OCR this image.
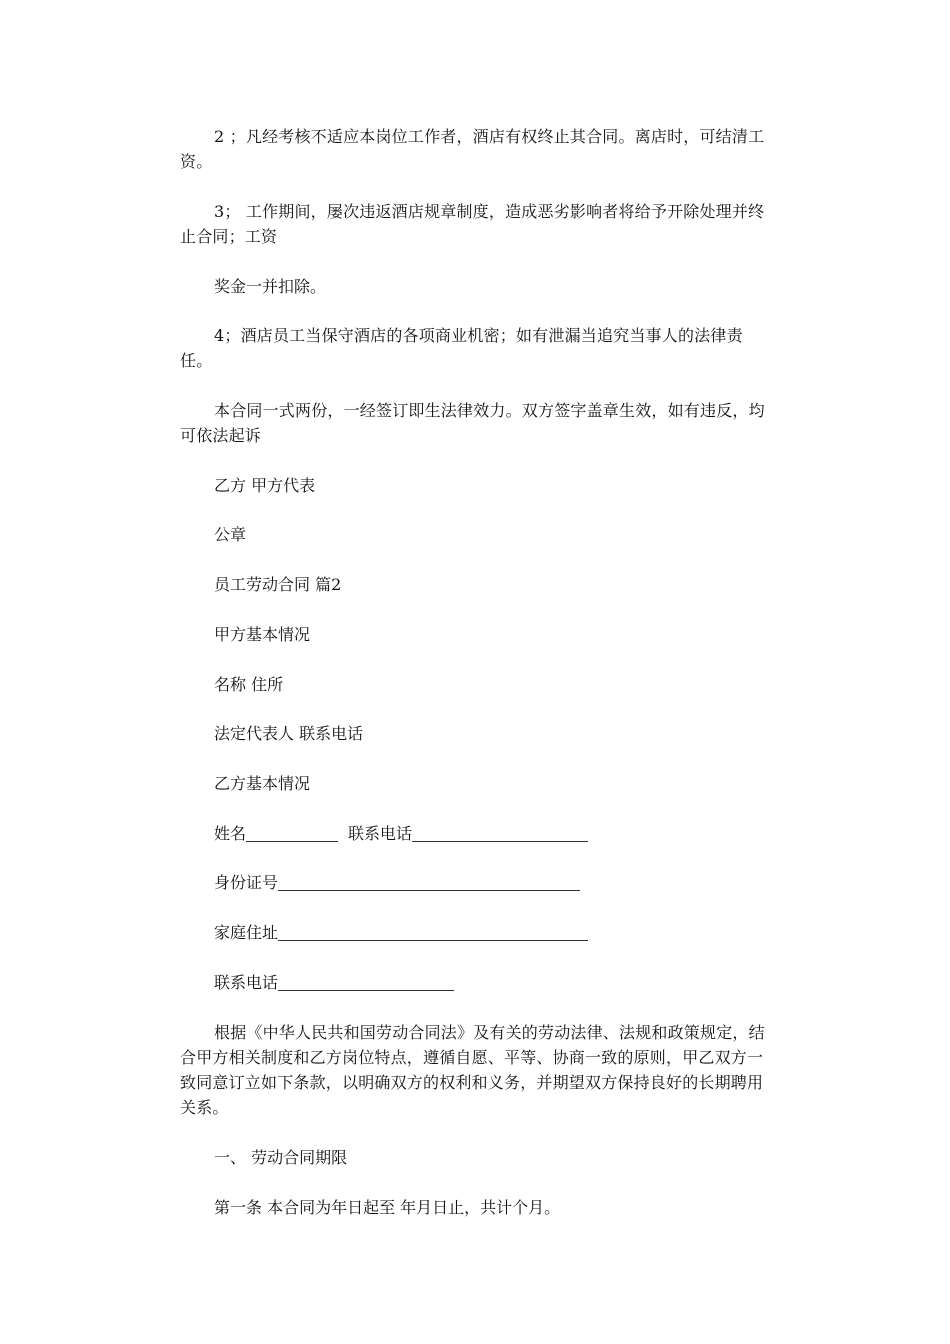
2 ；凡经考核不适应本岗位工作者，酒店有权终止其合同。离店时，可结清工资。

3； 工作期间，屡次违返酒店规章制度，造成恶劣影响者将给予开除处理并终止合同；工资

奖金一并扣除。

4；酒店员工当保守酒店的各项商业机密；如有泄漏当追究当事人的法律责任。

本合同一式两份，一经签订即生法律效力。双方签字盖章生效，如有违反，均可依法起诉

乙方 甲方代表
公章
员工劳动合同 篇2
甲方基本情况
名称 住所
法定代表人 联系电话
乙方基本情况
姓名	联系电话
身份证号
家庭住址
联系电话

根据《中华人民共和国劳动合同法》及有关的劳动法律、法规和政策规定，结合甲方相关制度和乙方岗位特点，遵循自愿、平等、协商一致的原则，甲乙双方一致同意订立如下条款，以明确双方的权利和义务，并期望双方保持良好的长期聘用关系。

一、 劳动合同期限
第一条 本合同为年日起至 年月日止，共计个月。
